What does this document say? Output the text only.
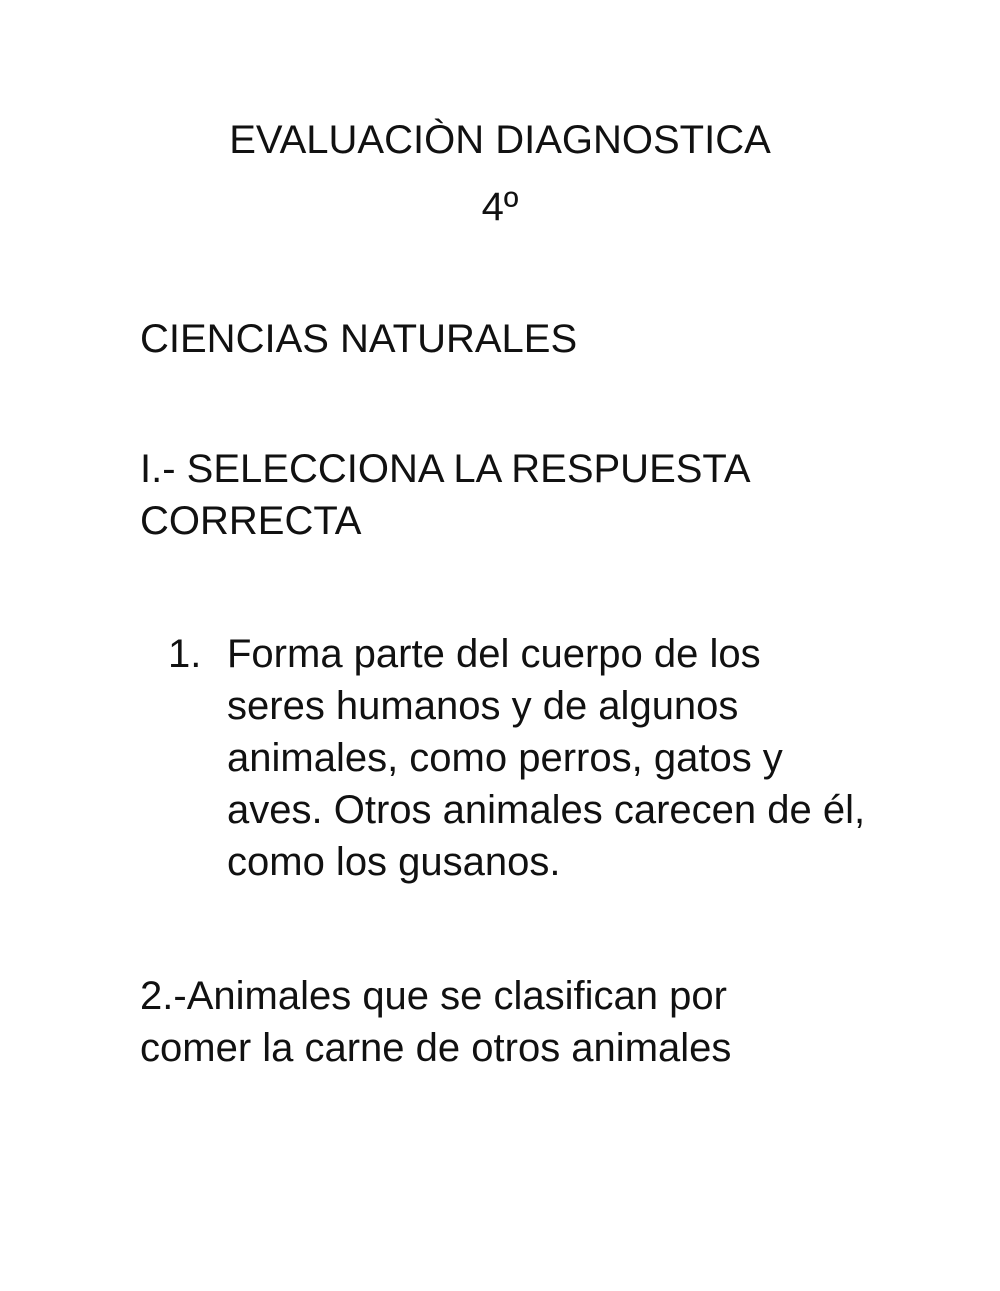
EVALUACIÒN DIAGNOSTICA
4º
CIENCIAS NATURALES
I.- SELECCIONA LA RESPUESTA CORRECTA
1. Forma parte del cuerpo de los seres humanos y de algunos animales, como perros, gatos y aves. Otros animales carecen de él, como los gusanos.
2.-Animales que se clasifican por comer la carne de otros animales
